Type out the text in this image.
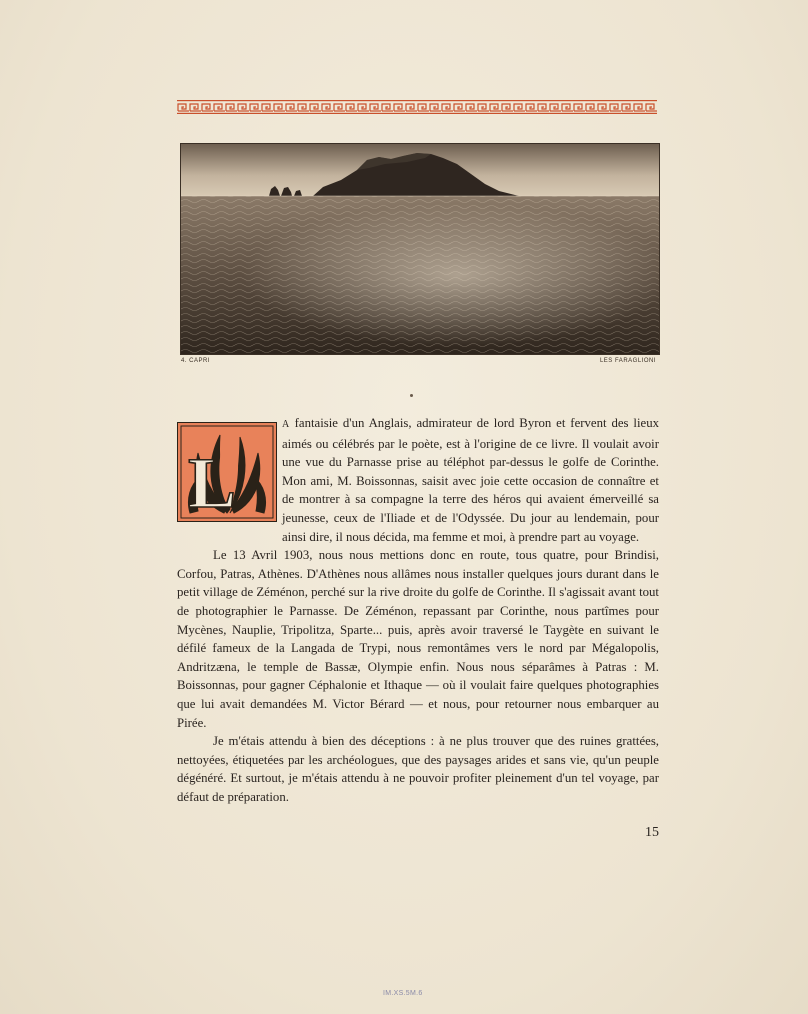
4. CAPRI	LES FARAGLIONI
L

A fantaisie d'un Anglais, admirateur de lord Byron et fervent des lieux aimés ou célébrés par le poète, est à l'origine de ce livre. Il voulait avoir une vue du Parnasse prise au téléphot par-dessus le golfe de Corinthe. Mon ami, M. Boissonnas, saisit avec joie cette occasion de connaître et de montrer à sa compagne la terre des héros qui avaient émerveillé sa jeunesse, ceux de l'Iliade et de l'Odyssée. Du jour au lendemain, pour ainsi dire, il nous décida, ma femme et moi, à prendre part au voyage.

Le 13 Avril 1903, nous nous mettions donc en route, tous quatre, pour Brindisi, Corfou, Patras, Athènes. D'Athènes nous allâmes nous installer quelques jours durant dans le petit village de Zéménon, perché sur la rive droite du golfe de Corinthe. Il s'agissait avant tout de photographier le Parnasse. De Zéménon, repassant par Corinthe, nous partîmes pour Mycènes, Nauplie, Tripolitza, Sparte... puis, après avoir traversé le Taygète en suivant le défilé fameux de la Langada de Trypi, nous remontâmes vers le nord par Mégalopolis, Andritzæna, le temple de Bassæ, Olympie enfin. Nous nous séparâmes à Patras : M. Boissonnas, pour gagner Céphalonie et Ithaque — où il voulait faire quelques photographies que lui avait demandées M. Victor Bérard — et nous, pour retourner nous embarquer au Pirée.

Je m'étais attendu à bien des déceptions : à ne plus trouver que des ruines grattées, nettoyées, étiquetées par les archéologues, que des paysages arides et sans vie, qu'un peuple dégénéré. Et surtout, je m'étais attendu à ne pouvoir profiter pleinement d'un tel voyage, par défaut de préparation.

15
IM.XS.5M.6
